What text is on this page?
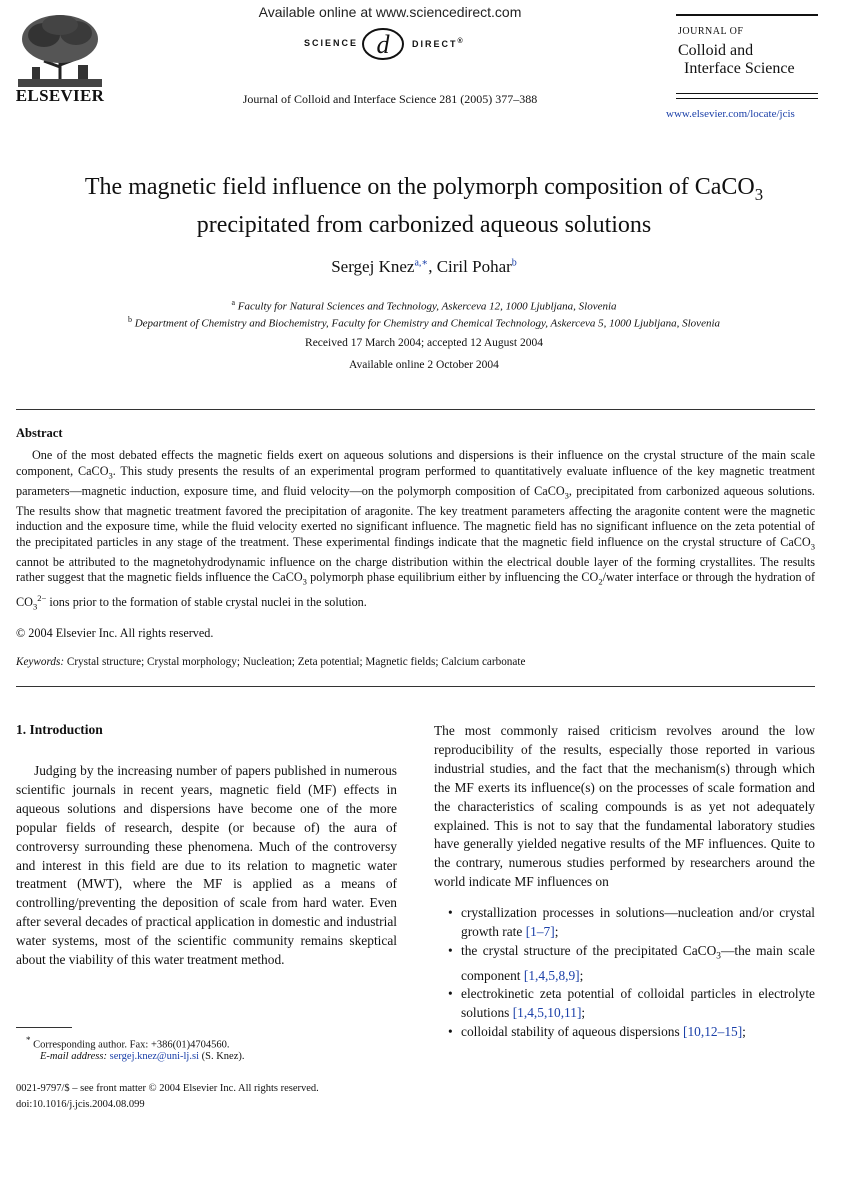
ELSEVIER
Available online at www.sciencedirect.com
SCIENCE d	DIRECT®
Journal of Colloid and Interface Science 281 (2005) 377–388
JOURNAL OF
Colloid and
Interface Science
www.elsevier.com/locate/jcis
The magnetic field influence on the polymorph composition of CaCO$_3$
precipitated from carbonized aqueous solutions
Sergej Knez$^{a,∗}$, Ciril Pohar$^b$
$^a$ Faculty for Natural Sciences and Technology, Askerceva 12, 1000 Ljubljana, Slovenia
$^b$ Department of Chemistry and Biochemistry, Faculty for Chemistry and Chemical Technology, Askerceva 5, 1000 Ljubljana, Slovenia
Received 17 March 2004; accepted 12 August 2004
Available online 2 October 2004
Abstract
One of the most debated effects the magnetic fields exert on aqueous solutions and dispersions is their influence on the crystal structure of the main scale component, CaCO$_3$. This study presents the results of an experimental program performed to quantitatively evaluate influence of the key magnetic treatment parameters—magnetic induction, exposure time, and fluid velocity—on the polymorph composition of CaCO$_3$, precipitated from carbonized aqueous solutions. The results show that magnetic treatment favored the precipitation of aragonite. The key treatment parameters affecting the aragonite content were the magnetic induction and the exposure time, while the fluid velocity exerted no significant influence. The magnetic field has no significant influence on the zeta potential of the precipitated particles in any stage of the treatment. These experimental findings indicate that the magnetic field influence on the crystal structure of CaCO$_3$ cannot be attributed to the magnetohydrodynamic influence on the charge distribution within the electrical double layer of the forming crystallites. The results rather suggest that the magnetic fields influence the CaCO$_3$ polymorph phase equilibrium either by influencing the $CO_2$/water interface or through the hydration of $CO_3^{2-}$ ions prior to the formation of stable crystal nuclei in the solution.
© 2004 Elsevier Inc. All rights reserved.
Keywords: Crystal structure; Crystal morphology; Nucleation; Zeta potential; Magnetic fields; Calcium carbonate
1. Introduction

Judging by the increasing number of papers published in numerous scientific journals in recent years, magnetic field (MF) effects in aqueous solutions and dispersions have become one of the more popular fields of research, despite (or because of) the aura of controversy surrounding these phenomena. Much of the controversy and interest in this field are due to its relation to magnetic water treatment (MWT), where the MF is applied as a means of controlling/preventing the deposition of scale from hard water. Even after several decades of practical application in domestic and industrial water systems, most of the scientific community remains skeptical about the viability of this water treatment method.

The most commonly raised criticism revolves around the low reproducibility of the results, especially those reported in various industrial studies, and the fact that the mechanism(s) through which the MF exerts its influence(s) on the processes of scale formation and the characteristics of scaling compounds is as yet not adequately explained. This is not to say that the fundamental laboratory studies have generally yielded negative results of the MF influences. Quite to the contrary, numerous studies performed by researchers around the world indicate MF influences on

• crystallization processes in solutions—nucleation and/or crystal growth rate [1–7];
• the crystal structure of the precipitated CaCO$_3$—the main scale component [1,4,5,8,9];
• electrokinetic zeta potential of colloidal particles in electrolyte solutions [1,4,5,10,11];
• colloidal stability of aqueous dispersions [10,12–15];
* Corresponding author. Fax: +386(01)4704560.
E-mail address: sergej.knez@uni-lj.si (S. Knez).
0021-9797/$ – see front matter © 2004 Elsevier Inc. All rights reserved.
doi:10.1016/j.jcis.2004.08.099
